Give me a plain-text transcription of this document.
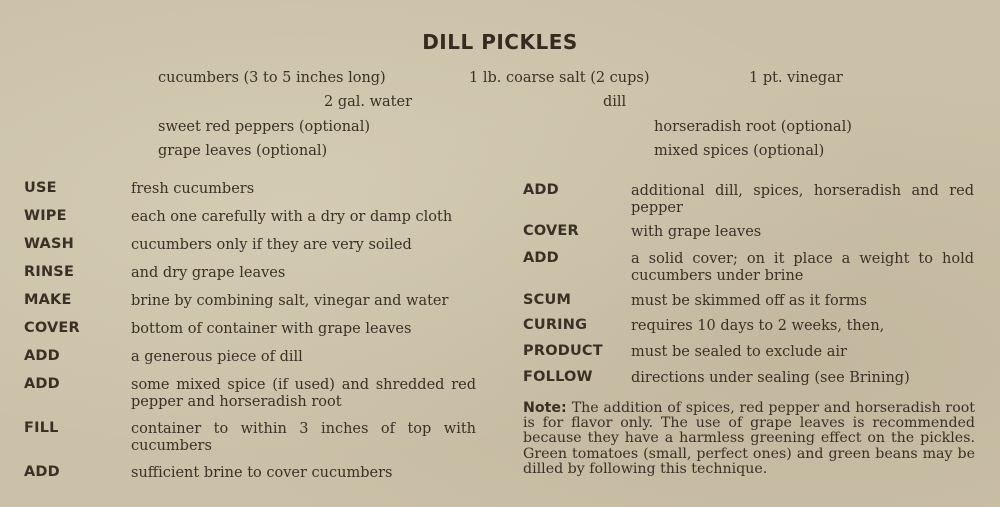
DILL PICKLES
cucumbers (3 to 5 inches long)	1 lb. coarse salt (2 cups)	1 pt. vinegar
2 gal. water	dill
sweet red peppers (optional)	horseradish root (optional)
grape leaves (optional)	mixed spices (optional)
USE	fresh cucumbers
WIPE	each one carefully with a dry or damp cloth
WASH	cucumbers only if they are very soiled
RINSE	and dry grape leaves
MAKE	brine by combining salt, vinegar and water
COVER	bottom of container with grape leaves
ADD	a generous piece of dill
ADD	some mixed spice (if used) and shredded red pepper and horseradish root
FILL	container to within 3 inches of top with cucumbers
ADD	sufficient brine to cover cucumbers
ADD	additional dill, spices, horseradish and red pepper
COVER	with grape leaves
ADD	a solid cover; on it place a weight to hold cucumbers under brine
SCUM	must be skimmed off as it forms
CURING	requires 10 days to 2 weeks, then,
PRODUCT must be sealed to exclude air
FOLLOW	directions under sealing (see Brining)
Note: The addition of spices, red pepper and horseradish root is for flavor only. The use of grape leaves is recommended because they have a harmless greening effect on the pickles. Green tomatoes (small, perfect ones) and green beans may be dilled by following this technique.
